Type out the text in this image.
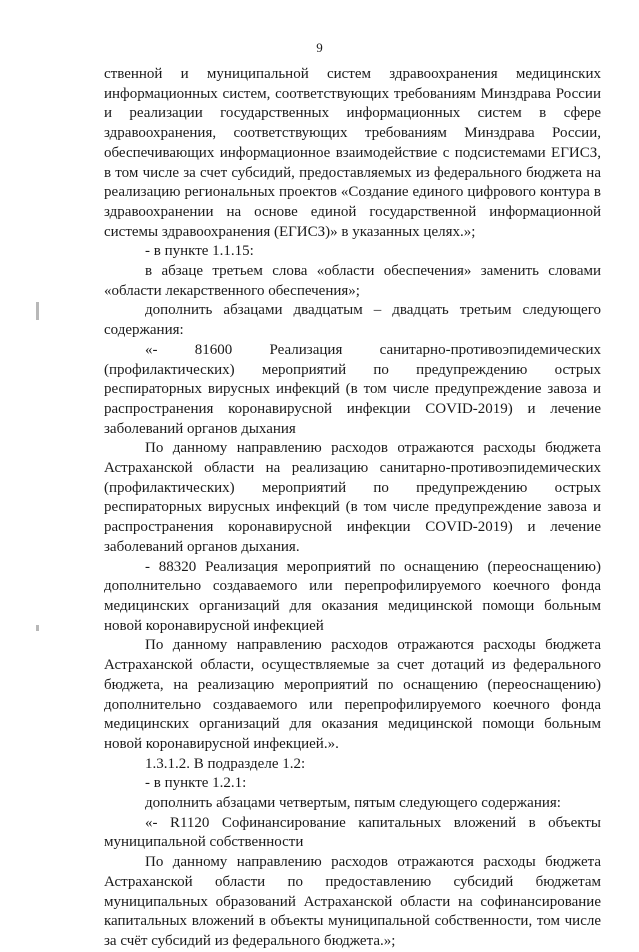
9

ственной и муниципальной систем здравоохранения медицинских информационных систем, соответствующих требованиям Минздрава России и реализации государственных информационных систем в сфере здравоохранения, соответствующих требованиям Минздрава России, обеспечивающих информационное взаимодействие с подсистемами ЕГИСЗ, в том числе за счет субсидий, предоставляемых из федерального бюджета на реализацию региональных проектов «Создание единого цифрового контура в здравоохранении на основе единой государственной информационной системы здравоохранения (ЕГИСЗ)» в указанных целях.»;

- в пункте 1.1.15:

в абзаце третьем слова «области обеспечения» заменить словами «области лекарственного обеспечения»;

дополнить абзацами двадцатым – двадцать третьим следующего содержания:

«- 81600 Реализация санитарно-противоэпидемических (профилактических) мероприятий по предупреждению острых респираторных вирусных инфекций (в том числе предупреждение завоза и распространения коронавирусной инфекции COVID-2019) и лечение заболеваний органов дыхания

По данному направлению расходов отражаются расходы бюджета Астраханской области на реализацию санитарно-противоэпидемических (профилактических) мероприятий по предупреждению острых респираторных вирусных инфекций (в том числе предупреждение завоза и распространения коронавирусной инфекции COVID-2019) и лечение заболеваний органов дыхания.

- 88320 Реализация мероприятий по оснащению (переоснащению) дополнительно создаваемого или перепрофилируемого коечного фонда медицинских организаций для оказания медицинской помощи больным новой коронавирусной инфекцией

По данному направлению расходов отражаются расходы бюджета Астраханской области, осуществляемые за счет дотаций из федерального бюджета, на реализацию мероприятий по оснащению (переоснащению) дополнительно создаваемого или перепрофилируемого коечного фонда медицинских организаций для оказания медицинской помощи больным новой коронавирусной инфекцией.».

1.3.1.2. В подразделе 1.2:

- в пункте 1.2.1:

дополнить абзацами четвертым, пятым следующего содержания:

«- R1120 Софинансирование капитальных вложений в объекты муниципальной собственности

По данному направлению расходов отражаются расходы бюджета Астраханской области по предоставлению субсидий бюджетам муниципальных образований Астраханской области на софинансирование капитальных вложений в объекты муниципальной собственности, том числе за счёт субсидий из федерального бюджета.»;
